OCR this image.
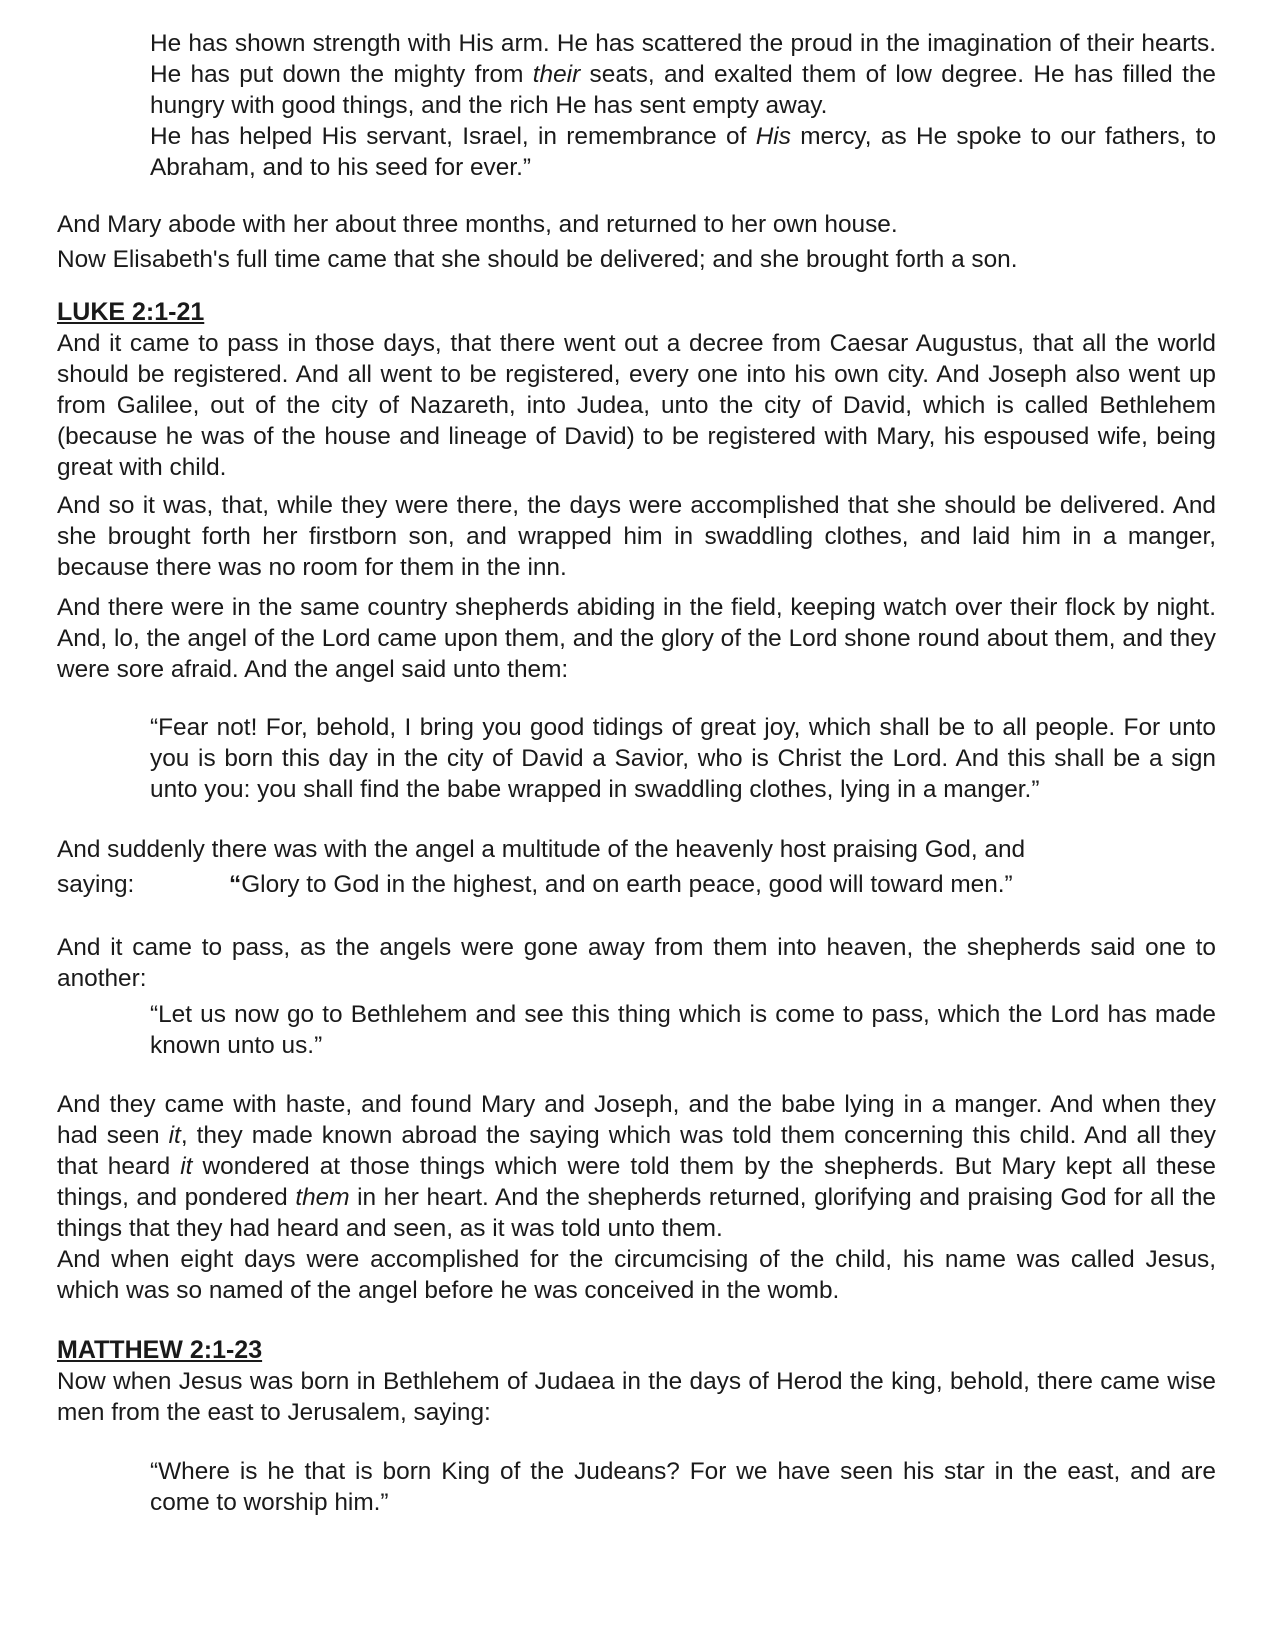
He has shown strength with His arm. He has scattered the proud in the imagination of their hearts. He has put down the mighty from their seats, and exalted them of low degree. He has filled the hungry with good things, and the rich He has sent empty away.

He has helped His servant, Israel, in remembrance of His mercy, as He spoke to our fathers, to Abraham, and to his seed for ever.”

And Mary abode with her about three months, and returned to her own house.

Now Elisabeth's full time came that she should be delivered; and she brought forth a son.

LUKE 2:1-21

And it came to pass in those days, that there went out a decree from Caesar Augustus, that all the world should be registered. And all went to be registered, every one into his own city. And Joseph also went up from Galilee, out of the city of Nazareth, into Judea, unto the city of David, which is called Bethlehem (because he was of the house and lineage of David) to be registered with Mary, his espoused wife, being great with child.

And so it was, that, while they were there, the days were accomplished that she should be delivered. And she brought forth her firstborn son, and wrapped him in swaddling clothes, and laid him in a manger, because there was no room for them in the inn.

And there were in the same country shepherds abiding in the field, keeping watch over their flock by night. And, lo, the angel of the Lord came upon them, and the glory of the Lord shone round about them, and they were sore afraid. And the angel said unto them:

“Fear not! For, behold, I bring you good tidings of great joy, which shall be to all people. For unto you is born this day in the city of David a Savior, who is Christ the Lord. And this shall be a sign unto you: you shall find the babe wrapped in swaddling clothes, lying in a manger.”

And suddenly there was with the angel a multitude of the heavenly host praising God, and

saying:	“Glory to God in the highest, and on earth peace, good will toward men.”

And it came to pass, as the angels were gone away from them into heaven, the shepherds said one to another:

“Let us now go to Bethlehem and see this thing which is come to pass, which the Lord has made known unto us.”

And they came with haste, and found Mary and Joseph, and the babe lying in a manger. And when they had seen it, they made known abroad the saying which was told them concerning this child. And all they that heard it wondered at those things which were told them by the shepherds. But Mary kept all these things, and pondered them in her heart. And the shepherds returned, glorifying and praising God for all the things that they had heard and seen, as it was told unto them.

And when eight days were accomplished for the circumcising of the child, his name was called Jesus, which was so named of the angel before he was conceived in the womb.

MATTHEW 2:1-23

Now when Jesus was born in Bethlehem of Judaea in the days of Herod the king, behold, there came wise men from the east to Jerusalem, saying:

“Where is he that is born King of the Judeans? For we have seen his star in the east, and are come to worship him.”
